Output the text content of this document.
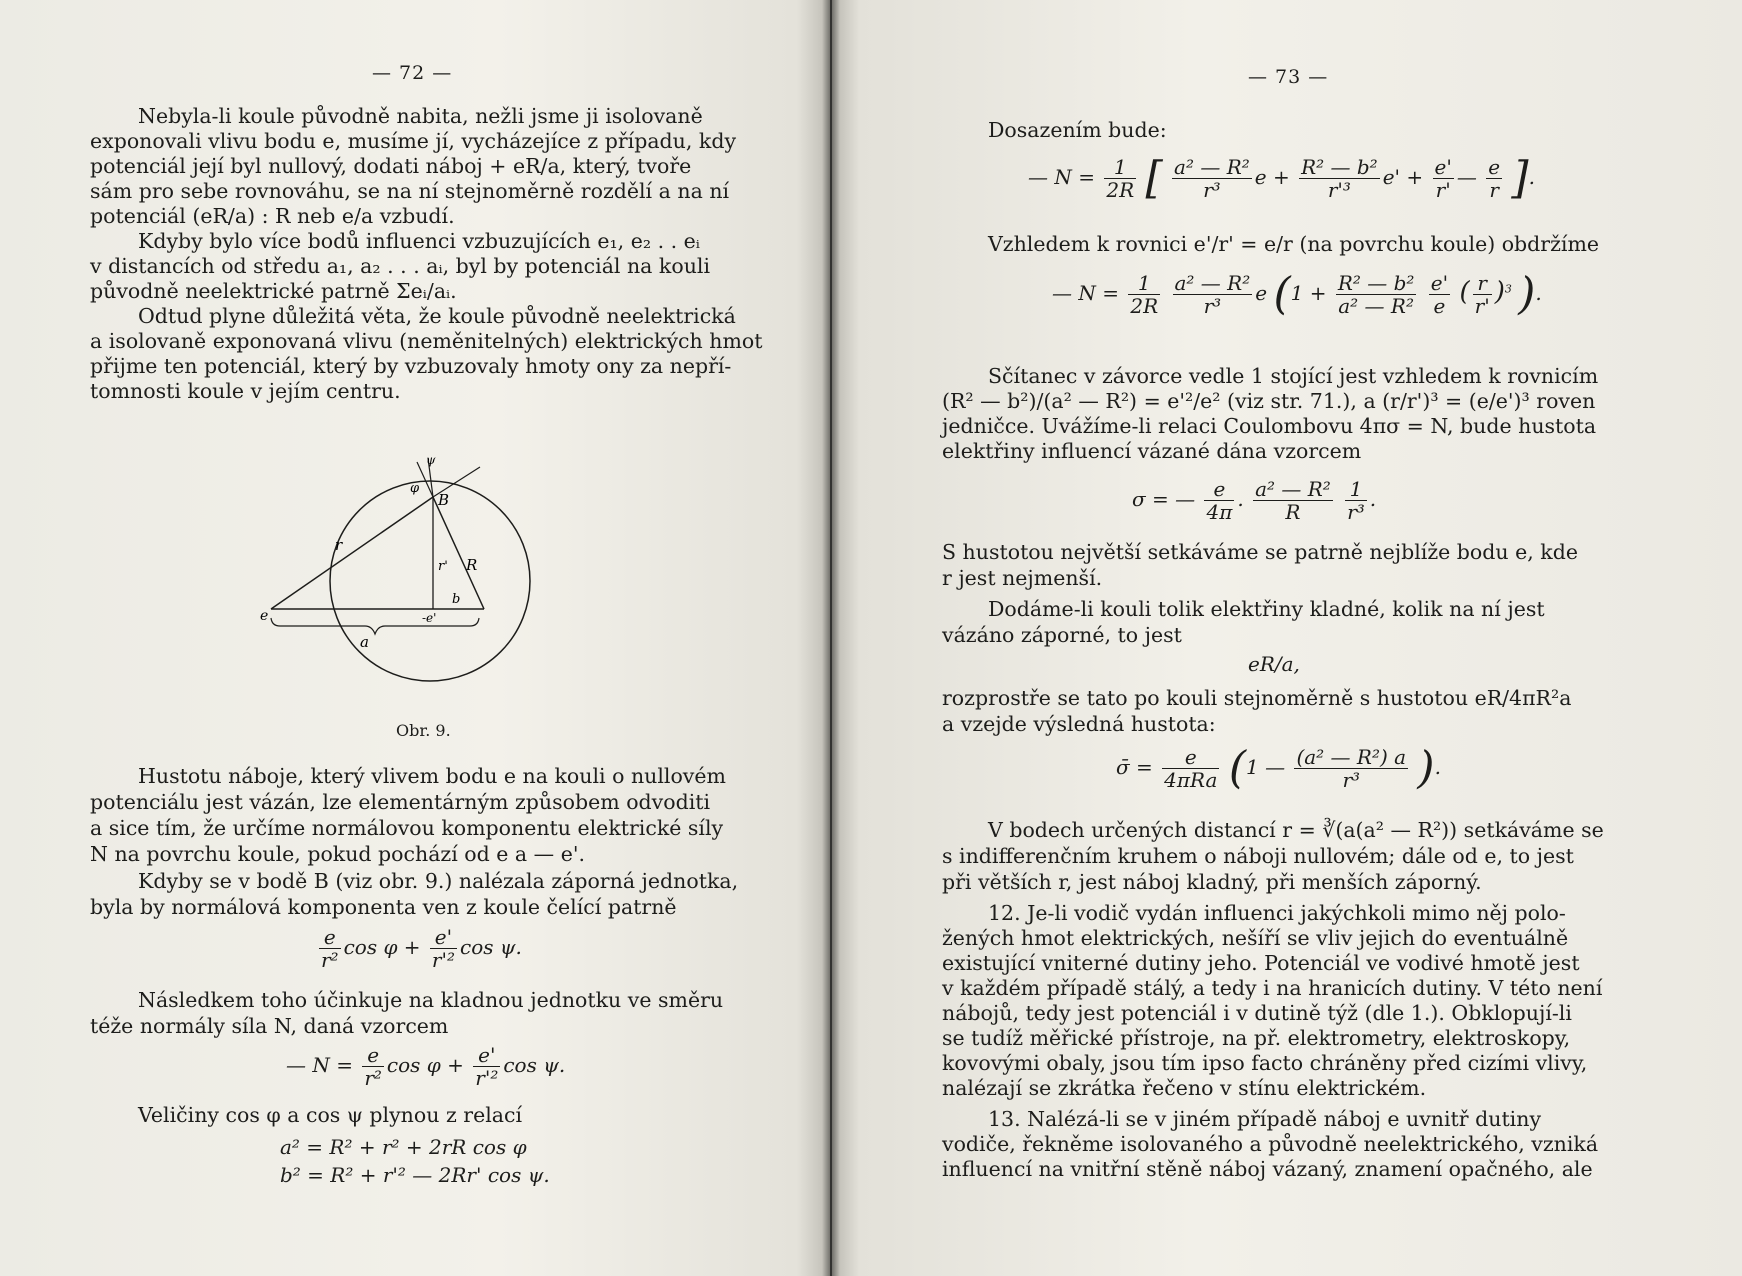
— 72 —
Nebyla-li koule původně nabita, nežli jsme ji isolovaně
exponovali vlivu bodu e, musíme jí, vycházejíce z případu, kdy
potenciál její byl nullový, dodati náboj + eR/a, který, tvoře
sám pro sebe rovnováhu, se na ní stejnoměrně rozdělí a na ní
potenciál (eR/a) : R neb e/a vzbudí.
Kdyby bylo více bodů influenci vzbuzujících e₁, e₂ . . eᵢ
v distancích od středu a₁, a₂ . . . aᵢ, byl by potenciál na kouli
původně neelektrické patrně Σeᵢ/aᵢ.
Odtud plyne důležitá věta, že koule původně neelektrická
a isolovaně exponovaná vlivu (neměnitelných) elektrických hmot
přijme ten potenciál, který by vzbuzovaly hmoty ony za nepří-
tomnosti koule v jejím centru.
φ
ψ
B
r
r' R
b
e	-e'
a
Obr. 9.
Hustotu náboje, který vlivem bodu e na kouli o nullovém
potenciálu jest vázán, lze elementárným způsobem odvoditi
a sice tím, že určíme normálovou komponentu elektrické síly
N na povrchu koule, pokud pochází od e a — e'.
Kdyby se v bodě B (viz obr. 9.) nalézala záporná jednotka,
byla by normálová komponenta ven z koule čelící patrně
$\frac{e}{\text{r²}}$ $\cos \varphi + \frac{e'}{\text{r'²}}$ cos ψ.
Následkem toho účinkuje na kladnou jednotku ve směru
téže normály síla N, daná vzorcem
— $N = \frac{e}{\text{r²}}$ $\cos \varphi + \frac{e'}{\text{r'²}}$ cos ψ.
Veličiny cos φ a cos ψ plynou z relací
a² = R² + r² + 2rR cos φ
b² = R² + r'² — 2Rr' cos ψ.
— 73 —
Dosazením bude:
— $N = \frac{1}{2R}$ [ $\frac{\text{a² — R²}}{\text{r³}}$ $e + \frac{\text{R² — b²}}{\text{r'³}} e' + \frac{e'}{r'}$ — $\frac{e}{r}$ ].
Vzhledem k rovnici e'/r' = e/r (na povrchu koule) obdržíme
— $N = \frac{1}{2R}$
$\frac{\text{a² — R²}}{\text{r³}}$ e ($1 + \frac{\text{R² — b²}}{\text{a² — R²}}$
$\frac{e'}{e}$ ( $\frac{r}{r'} )^3$ ).
Sčítanec v závorce vedle 1 stojící jest vzhledem k rovnicím
(R² — b²)/(a² — R²) = e'²/e² (viz str. 71.), a (r/r')³ = (e/e')³ roven
jedničce. Uvážíme-li relaci Coulombovu 4πσ = N, bude hustota
elektřiny influencí vázané dána vzorcem
σ = — $\frac{e}{4\pi}$ . $\frac{\text{a² — R²}}{R}$
$\frac{1}{\text{r³}}$ .
S hustotou největší setkáváme se patrně nejblíže bodu e, kde
r jest nejmenší.
Dodáme-li kouli tolik elektřiny kladné, kolik na ní jest
vázáno záporné, to jest
eR/a,
rozprostře se tato po kouli stejnoměrně s hustotou eR/4πR²a
a vzejde výsledná hustota:
σ̄ = $\frac{e}{\text{4πRa}} (1$ — $\frac{\text{(a² — R²) a}}{\text{r³}}$ ).
V bodech určených distancí r = ∛(a(a² — R²)) setkáváme se
s indifferenčním kruhem o náboji nullovém; dále od e, to jest
při větších r, jest náboj kladný, při menších záporný.
12. Je-li vodič vydán influenci jakýchkoli mimo něj polo-
žených hmot elektrických, nešíří se vliv jejich do eventuálně
existující vniterné dutiny jeho. Potenciál ve vodivé hmotě jest
v každém případě stálý, a tedy i na hranicích dutiny. V této není
nábojů, tedy jest potenciál i v dutině týž (dle 1.). Obklopují-li
se tudíž měřické přístroje, na př. elektrometry, elektroskopy,
kovovými obaly, jsou tím ipso facto chráněny před cizími vlivy,
nalézají se zkrátka řečeno v stínu elektrickém.
13. Nalézá-li se v jiném případě náboj e uvnitř dutiny
vodiče, řekněme isolovaného a původně neelektrického, vzniká
influencí na vnitřní stěně náboj vázaný, znamení opačného, ale
